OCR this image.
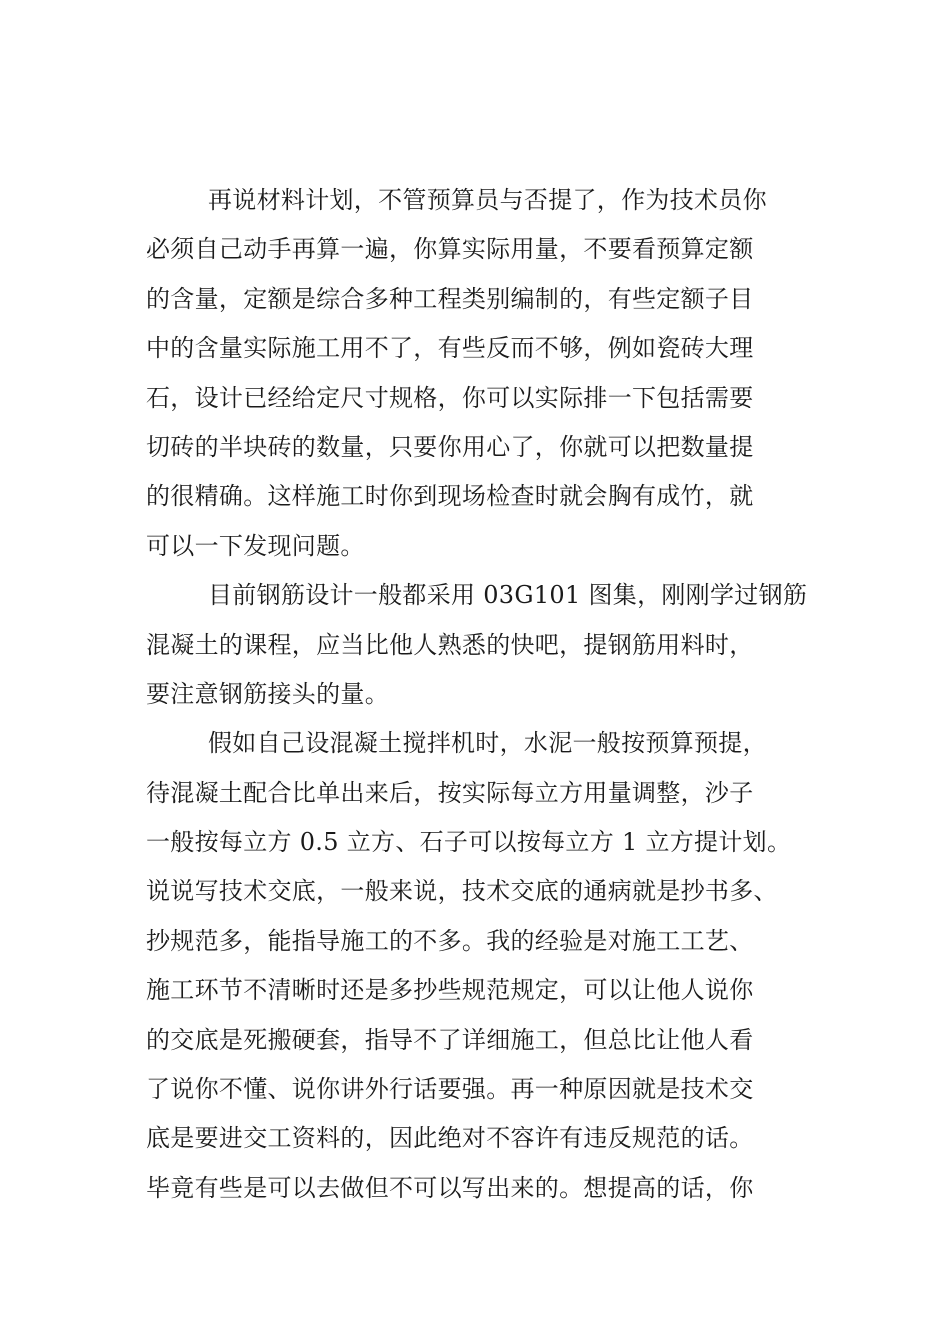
再说材料计划，不管预算员与否提了，作为技术员你
必须自己动手再算一遍，你算实际用量，不要看预算定额
的含量，定额是综合多种工程类别编制的，有些定额子目
中的含量实际施工用不了，有些反而不够，例如瓷砖大理
石，设计已经给定尺寸规格，你可以实际排一下包括需要
切砖的半块砖的数量，只要你用心了，你就可以把数量提
的很精确。这样施工时你到现场检查时就会胸有成竹，就
可以一下发现问题。
目前钢筋设计一般都采用 03G101 图集，刚刚学过钢筋
混凝土的课程，应当比他人熟悉的快吧，提钢筋用料时，
要注意钢筋接头的量。
假如自己设混凝土搅拌机时，水泥一般按预算预提，
待混凝土配合比单出来后，按实际每立方用量调整，沙子
一般按每立方 0.5 立方、石子可以按每立方 1 立方提计划。
说说写技术交底，一般来说，技术交底的通病就是抄书多、
抄规范多，能指导施工的不多。我的经验是对施工工艺、
施工环节不清晰时还是多抄些规范规定，可以让他人说你
的交底是死搬硬套，指导不了详细施工，但总比让他人看
了说你不懂、说你讲外行话要强。再一种原因就是技术交
底是要进交工资料的，因此绝对不容许有违反规范的话。
毕竟有些是可以去做但不可以写出来的。想提高的话，你
